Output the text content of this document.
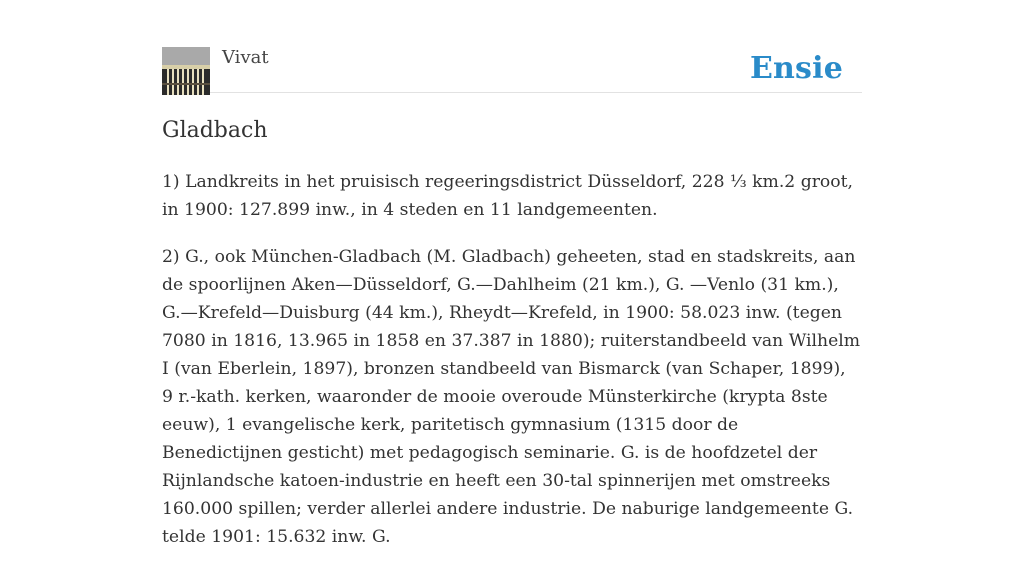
Vivat	Ensie
Gladbach

1) Landkreits in het pruisisch regeeringsdistrict Düsseldorf, 228 ⅓ km.2 groot, in 1900: 127.899 inw., in 4 steden en 11 landgemeenten.

2) G., ook München-Gladbach (M. Gladbach) geheeten, stad en stadskreits, aan de spoorlijnen Aken—Düsseldorf, G.—Dahlheim (21 km.), G. —Venlo (31 km.), G.—Krefeld—Duisburg (44 km.), Rheydt—Krefeld, in 1900: 58.023 inw. (tegen 7080 in 1816, 13.965 in 1858 en 37.387 in 1880); ruiterstandbeeld van Wilhelm I (van Eberlein, 1897), bronzen standbeeld van Bismarck (van Schaper, 1899), 9 r.-kath. kerken, waaronder de mooie overoude Münsterkirche (krypta 8ste eeuw), 1 evangelische kerk, paritetisch gymnasium (1315 door de Benedictijnen gesticht) met pedagogisch seminarie. G. is de hoofdzetel der Rijnlandsche katoen-industrie en heeft een 30-tal spinnerijen met omstreeks 160.000 spillen; verder allerlei andere industrie. De naburige landgemeente G. telde 1901: 15.632 inw. G.
